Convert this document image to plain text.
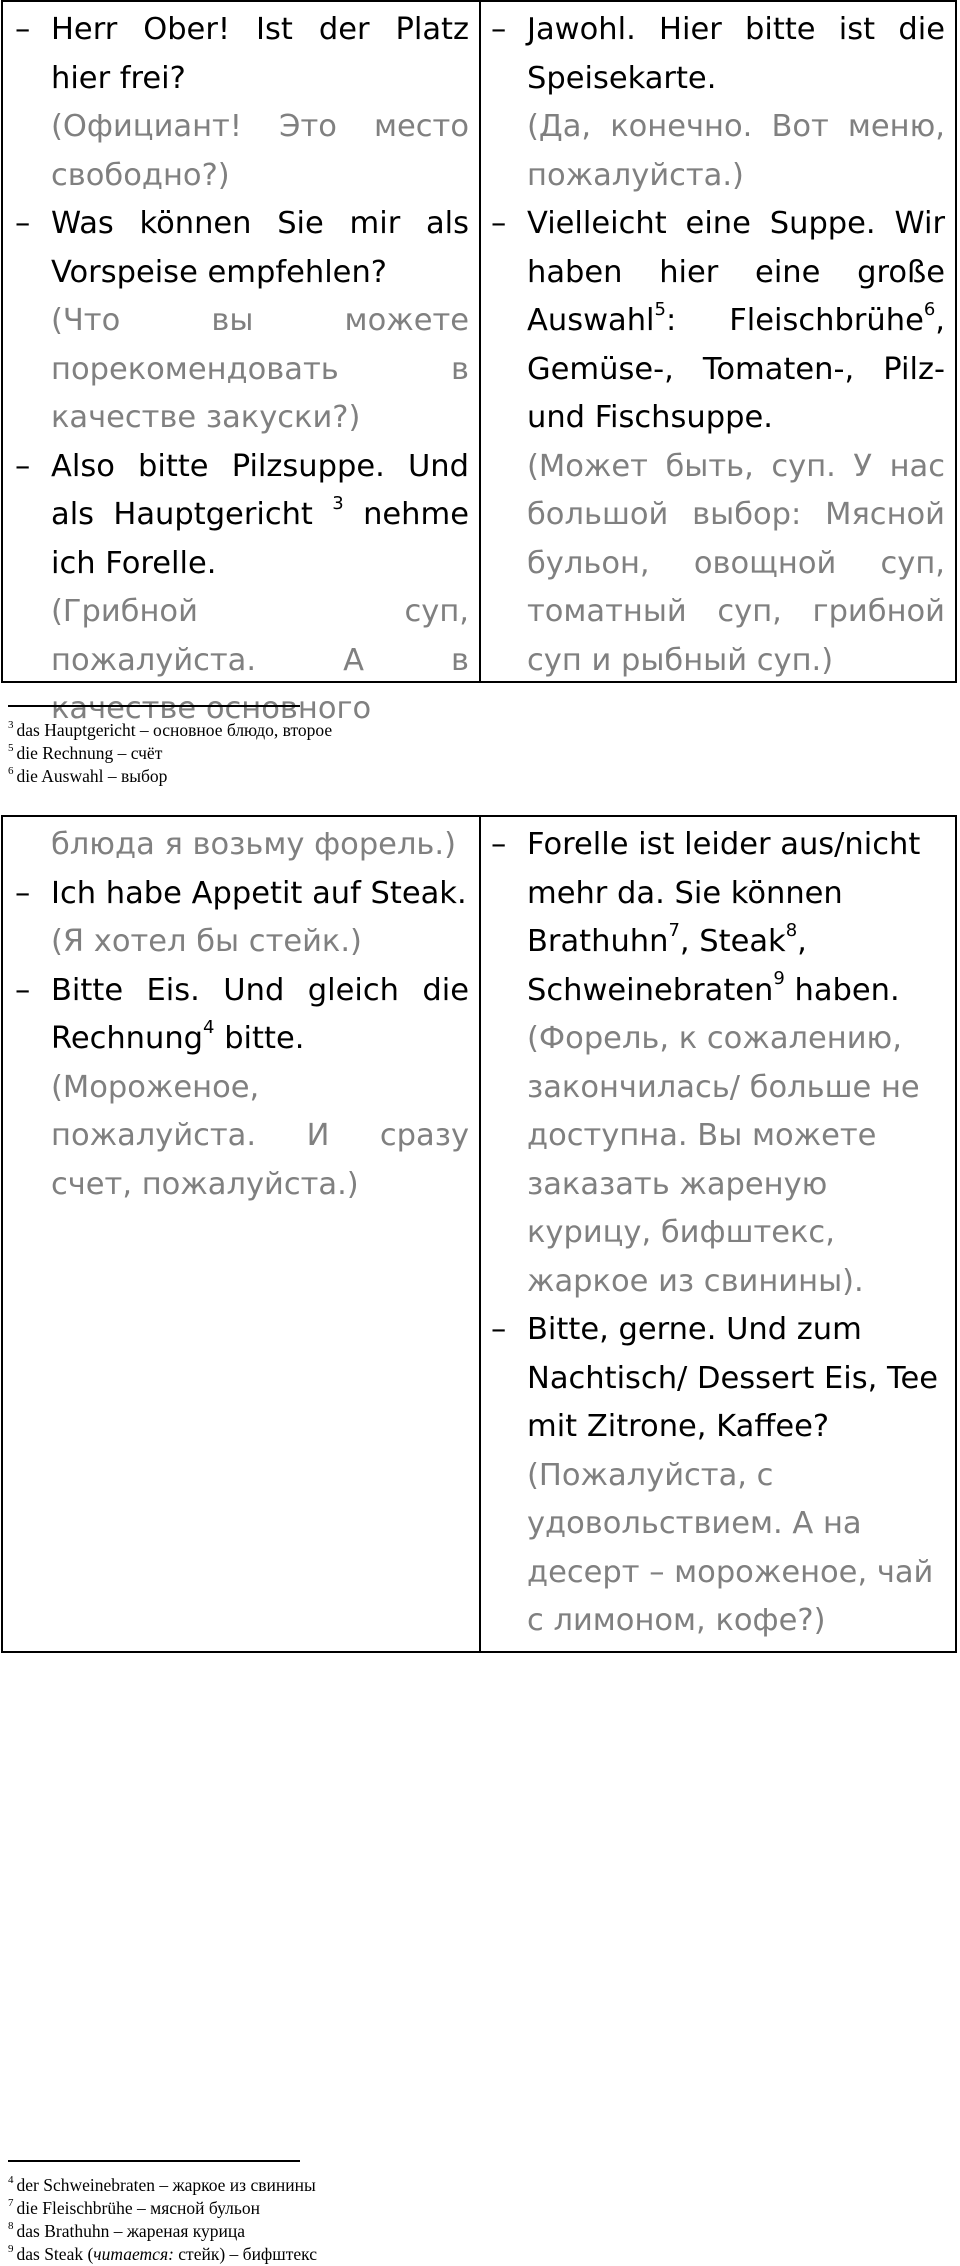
– Herr Ober! Ist der Platz hier frei?
(Официант! Это место свободно?)
– Was können Sie mir als Vorspeise empfehlen?
(Что вы можете порекомендовать в качестве закуски?)
– Also bitte Pilzsuppe. Und als Hauptgericht $^3$ nehme ich Forelle.
(Грибной суп, пожалуйста. А в качестве основного
– Jawohl. Hier bitte ist die Speisekarte.
(Да, конечно. Вот меню, пожалуйста.)
– Vielleicht eine Suppe. Wir haben hier eine große Auswahl$^5$: Fleischbrühe$^6$, Gemüse-, Tomaten-, Pilz- und Fischsuppe.
(Может быть, суп. У нас большой выбор: Мясной бульон, овощной суп, томатный суп, грибной суп и рыбный суп.)
$^3$ das Hauptgericht – основное блюдо, второе
$^5$ die Rechnung – счёт
$^6$ die Auswahl – выбор
блюда я возьму форель.)
– Ich habe Appetit auf Steak.
(Я хотел бы стейк.)
– Bitte Eis. Und gleich die Rechnung$^4$ bitte.
(Мороженое, пожалуйста. И сразу счет, пожалуйста.)
– Forelle ist leider aus/nicht mehr da. Sie können Brathuhn$^7$, Steak$^8$, Schweinebraten$^9$ haben.
(Форель, к сожалению, закончилась/ больше не доступна. Вы можете заказать жареную курицу, бифштекс, жаркое из свинины).
– Bitte, gerne. Und zum Nachtisch/ Dessert Eis, Tee mit Zitrone, Kaffee?
(Пожалуйста, с удовольствием. А на десерт – мороженое, чай с лимоном, кофе?)
$^4$ der Schweinebraten – жаркое из свинины
$^7$ die Fleischbrühe – мясной бульон
$^8$ das Brathuhn – жареная курица
$^9$ das Steak (читается: стейк) – бифштекс
